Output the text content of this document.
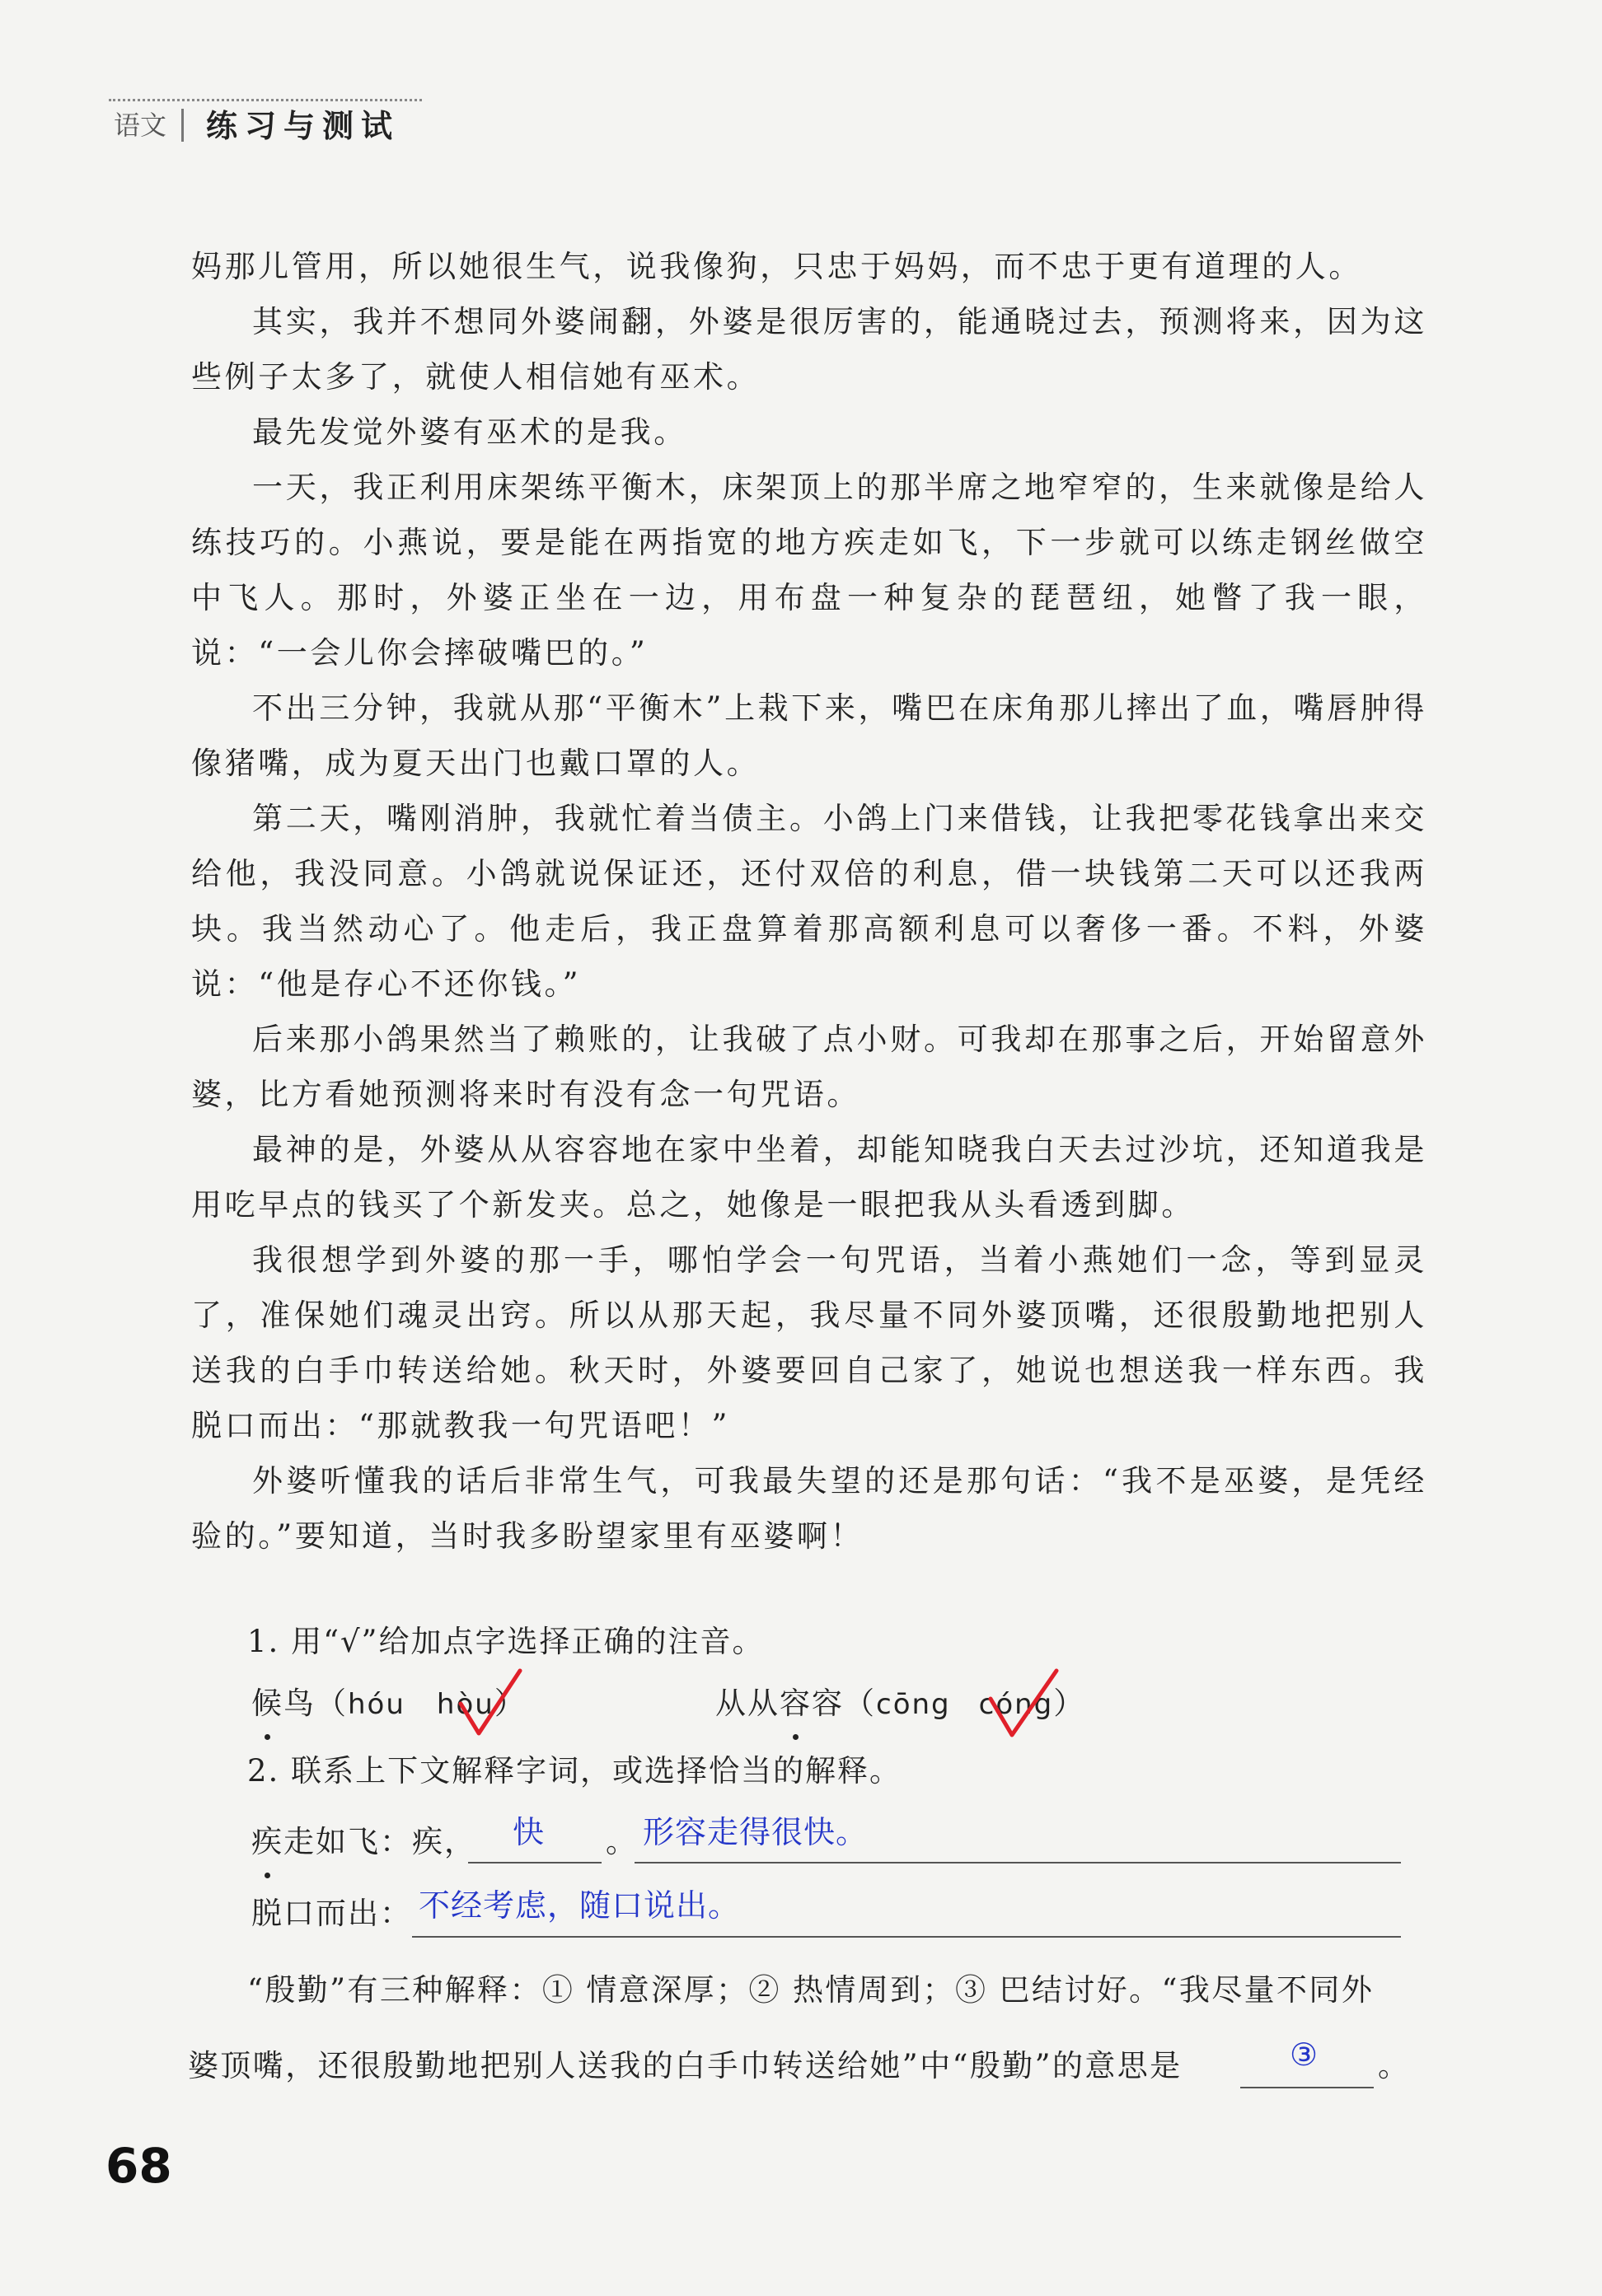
语文	练习与测试

妈那儿管用，所以她很生气，说我像狗，只忠于妈妈，而不忠于更有道理的人。

其实，我并不想同外婆闹翻，外婆是很厉害的，能通晓过去，预测将来，因为这些例子太多了，就使人相信她有巫术。

最先发觉外婆有巫术的是我。

一天，我正利用床架练平衡木，床架顶上的那半席之地窄窄的，生来就像是给人练技巧的。小燕说，要是能在两指宽的地方疾走如飞，下一步就可以练走钢丝做空中飞人。那时，外婆正坐在一边，用布盘一种复杂的琵琶纽，她瞥了我一眼，说：“一会儿你会摔破嘴巴的。”

不出三分钟，我就从那“平衡木”上栽下来，嘴巴在床角那儿摔出了血，嘴唇肿得像猪嘴，成为夏天出门也戴口罩的人。

第二天，嘴刚消肿，我就忙着当债主。小鸽上门来借钱，让我把零花钱拿出来交给他，我没同意。小鸽就说保证还，还付双倍的利息，借一块钱第二天可以还我两块。我当然动心了。他走后，我正盘算着那高额利息可以奢侈一番。不料，外婆说：“他是存心不还你钱。”

后来那小鸽果然当了赖账的，让我破了点小财。可我却在那事之后，开始留意外婆，比方看她预测将来时有没有念一句咒语。

最神的是，外婆从从容容地在家中坐着，却能知晓我白天去过沙坑，还知道我是用吃早点的钱买了个新发夹。总之，她像是一眼把我从头看透到脚。

我很想学到外婆的那一手，哪怕学会一句咒语，当着小燕她们一念，等到显灵了，准保她们魂灵出窍。所以从那天起，我尽量不同外婆顶嘴，还很殷勤地把别人送我的白手巾转送给她。秋天时，外婆要回自己家了，她说也想送我一样东西。我脱口而出：“那就教我一句咒语吧！”

外婆听懂我的话后非常生气，可我最失望的还是那句话：“我不是巫婆，是凭经验的。”要知道，当时我多盼望家里有巫婆啊！

1. 用“√”给加点字选择正确的注音。
候鸟（hóu hòu）	从从容容（cōng cóng）
2. 联系上下文解释字词，或选择恰当的解释。
疾走如飞：疾， 快 。 形容走得很快。
脱口而出： 不经考虑，随口说出。
“殷勤”有三种解释：① 情意深厚；② 热情周到；③ 巴结讨好。“我尽量不同外
婆顶嘴，还很殷勤地把别人送我的白手巾转送给她”中“殷勤”的意思是	③ 。
68
